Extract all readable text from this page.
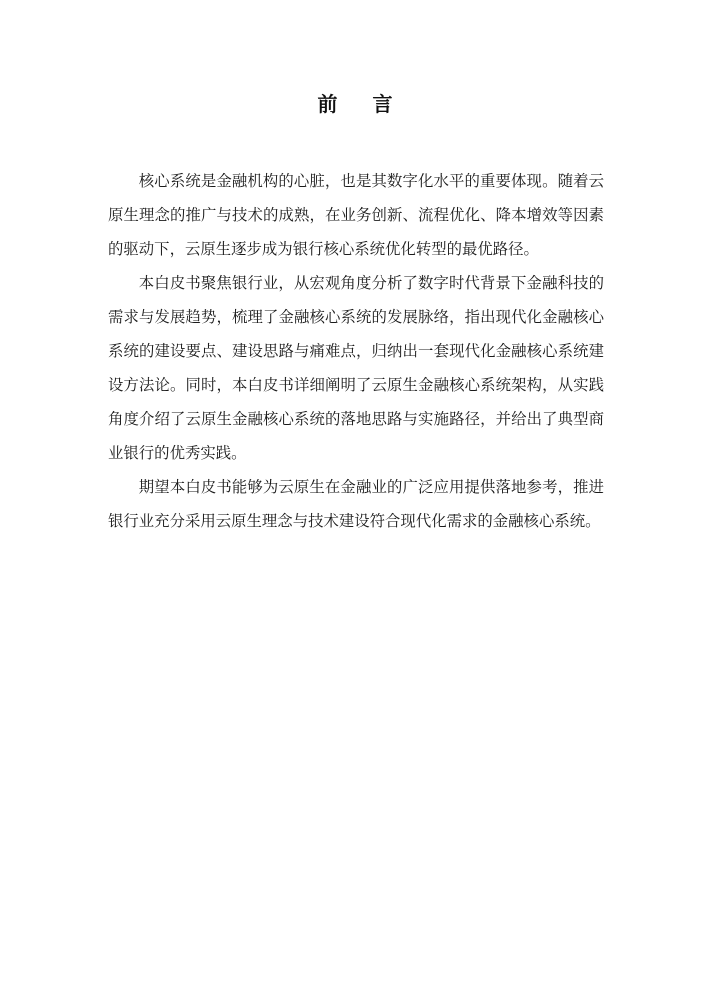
前 言

核心系统是金融机构的心脏，也是其数字化水平的重要体现。随着云原生理念的推广与技术的成熟，在业务创新、流程优化、降本增效等因素的驱动下，云原生逐步成为银行核心系统优化转型的最优路径。

本白皮书聚焦银行业，从宏观角度分析了数字时代背景下金融科技的需求与发展趋势，梳理了金融核心系统的发展脉络，指出现代化金融核心系统的建设要点、建设思路与痛难点，归纳出一套现代化金融核心系统建设方法论。同时，本白皮书详细阐明了云原生金融核心系统架构，从实践角度介绍了云原生金融核心系统的落地思路与实施路径，并给出了典型商业银行的优秀实践。

期望本白皮书能够为云原生在金融业的广泛应用提供落地参考，推进银行业充分采用云原生理念与技术建设符合现代化需求的金融核心系统。
